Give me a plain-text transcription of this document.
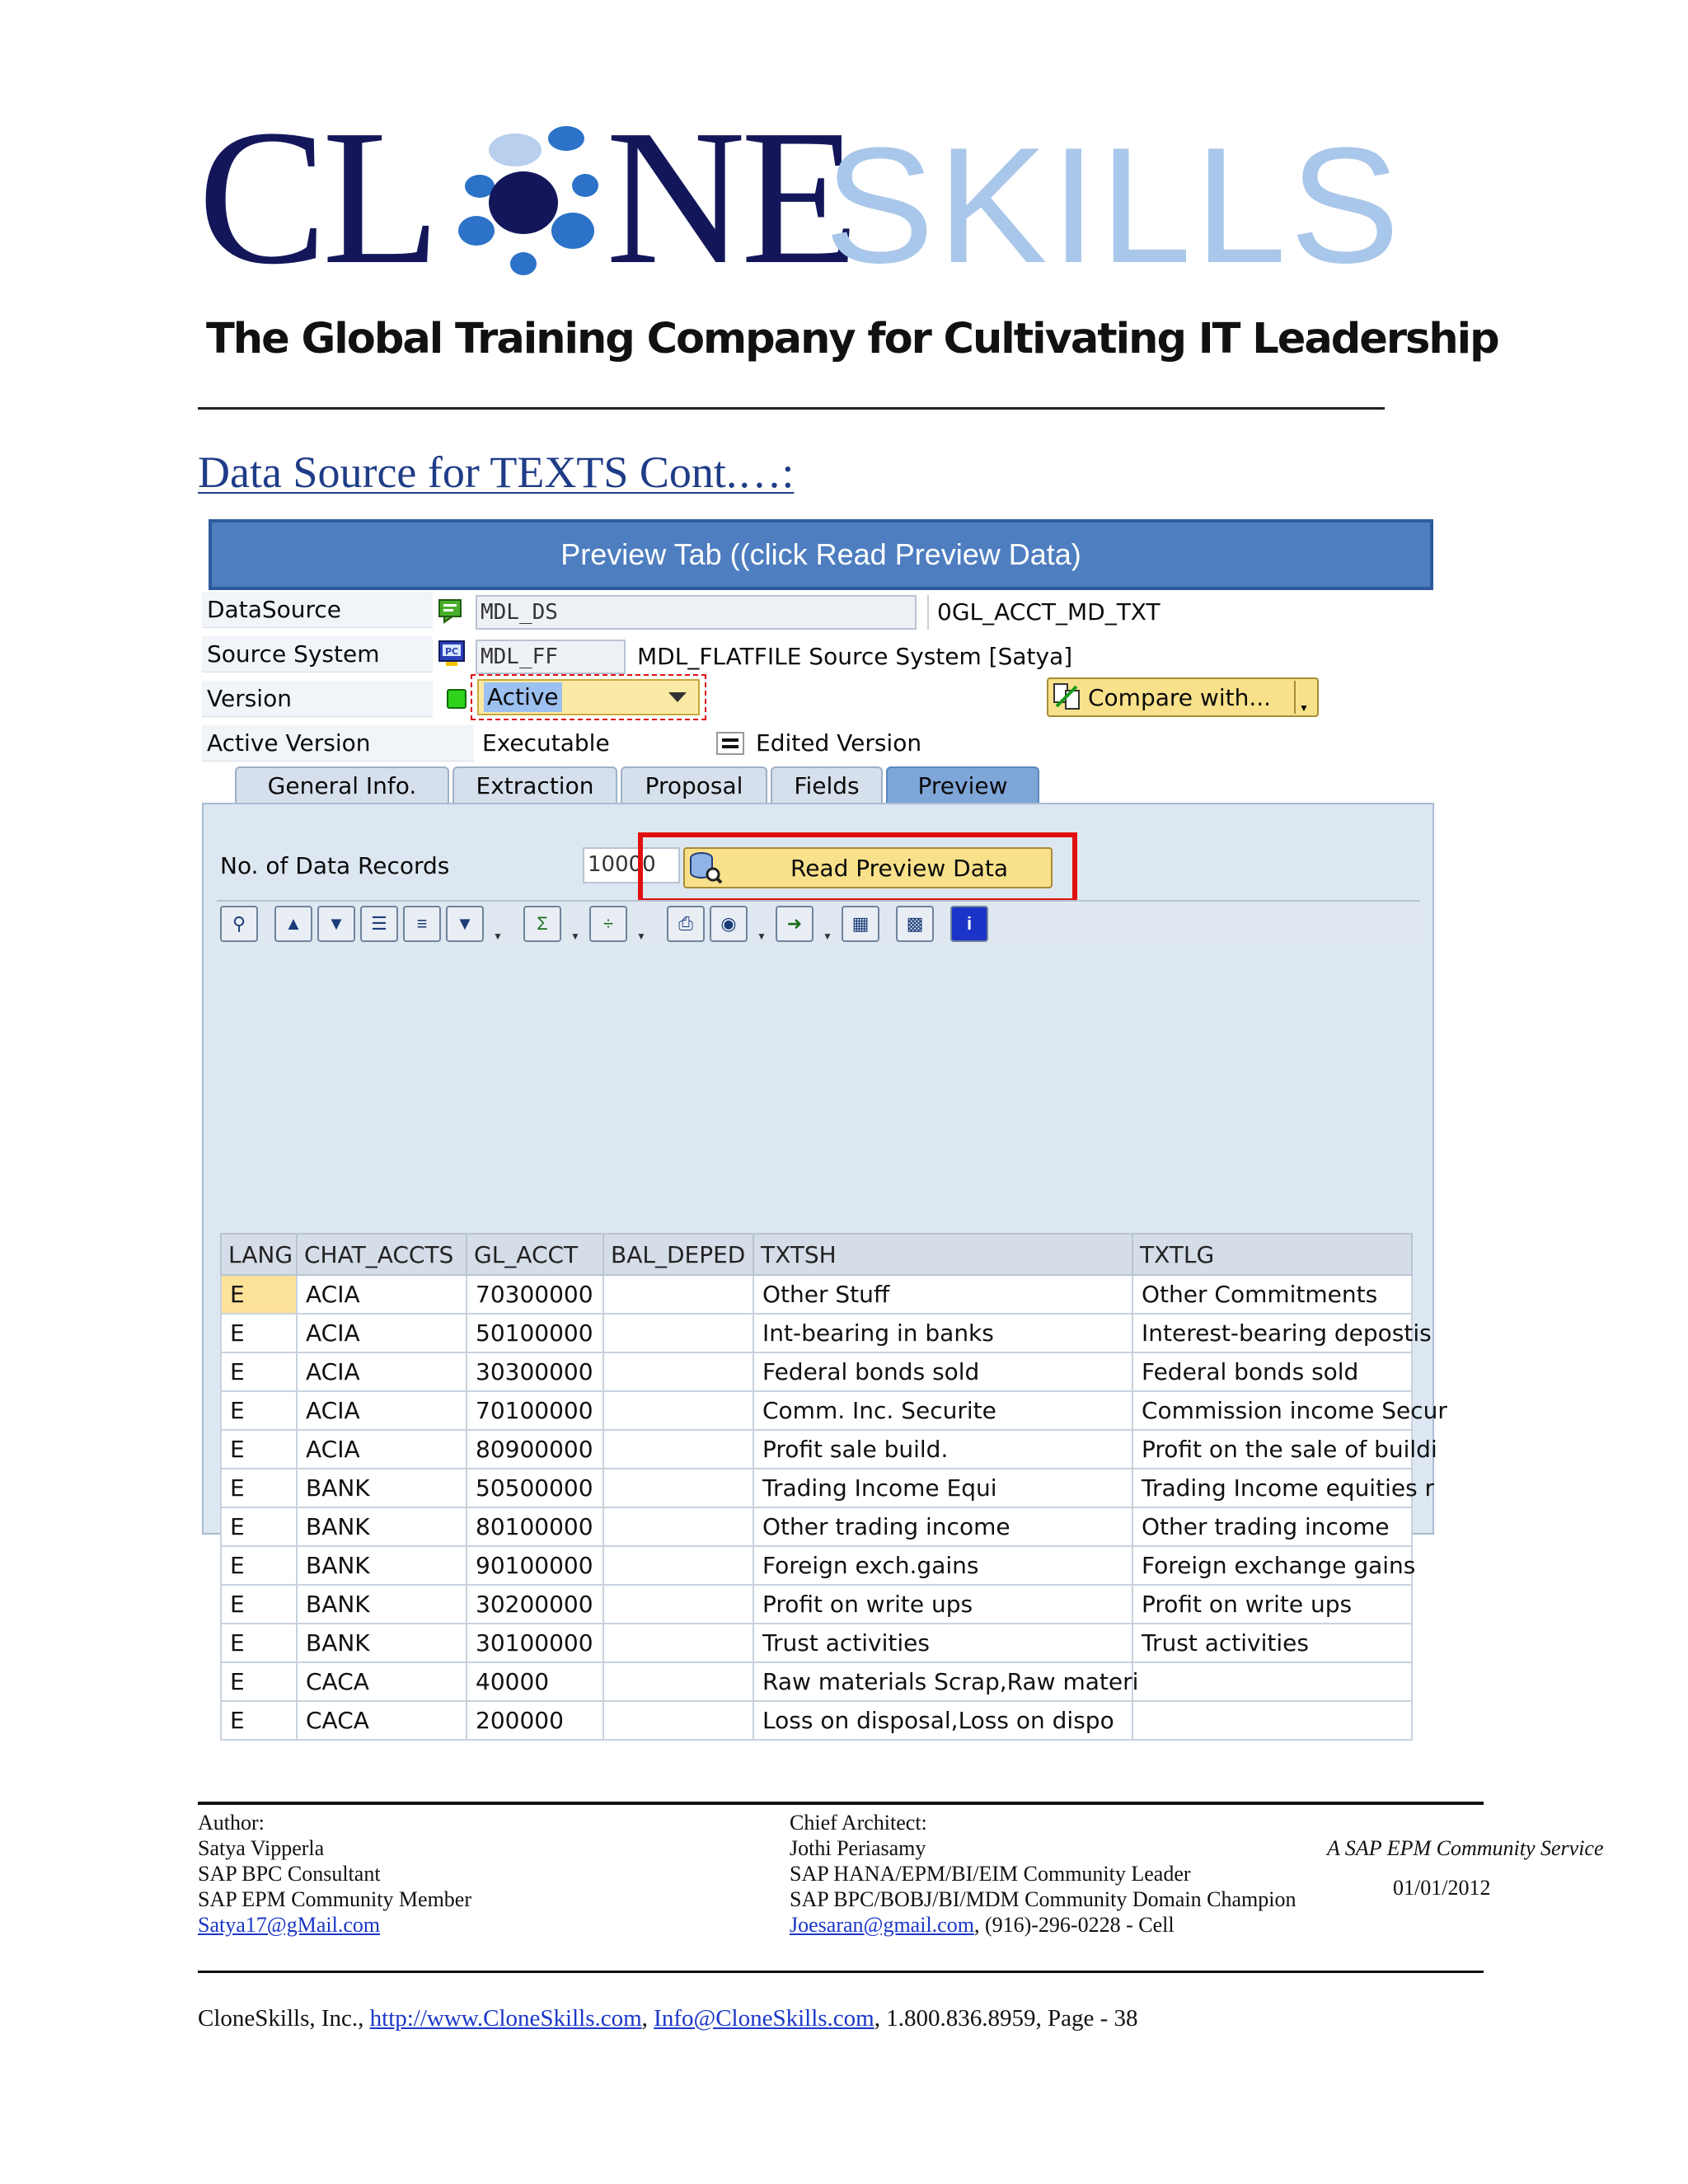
CL NE
SKILLS
The Global Training Company for Cultivating IT Leadership
Data Source for TEXTS Cont.…:
Preview Tab ((click Read Preview Data)
DataSource	MDL_DS	0GL_ACCT_MD_TXT
Source System	PC MDL_FF	MDL_FLATFILE Source System [Satya]
Version	Active	Compare with...	▼
Active Version	Executable	Edited Version
General Info.	Extraction Proposal Fields	Preview
No. of Data Records	10000	Read Preview Data
⚲	▲	▼	☰	≡	▼
▼
Σ
▼
÷
▼
⎙	◉
▼
➜
▼
▦	▩	i
LANG	CHAT_ACCTS	GL_ACCT	BAL_DEPED	TXTSH	TXTLG
E	ACIA	70300000		Other Stuff	Other Commitments
E	ACIA	50100000		Int-bearing in banks	Interest-bearing depostis
E	ACIA	30300000		Federal bonds sold	Federal bonds sold
E	ACIA	70100000		Comm. Inc. Securite	Commission income Secur
E	ACIA	80900000		Profit sale build.	Profit on the sale of buildi
E	BANK	50500000		Trading Income Equi	Trading Income equities r
E	BANK	80100000		Other trading income	Other trading income
E	BANK	90100000		Foreign exch.gains	Foreign exchange gains
E	BANK	30200000		Profit on write ups	Profit on write ups
E	BANK	30100000		Trust activities	Trust activities
E	CACA	40000		Raw materials Scrap,Raw materi	
E	CACA	200000		Loss on disposal,Loss on dispo	
Author:
Satya Vipperla
SAP BPC Consultant
SAP EPM Community Member
Satya17@gMail.com
Chief Architect:
Jothi Periasamy
SAP HANA/EPM/BI/EIM Community Leader
SAP BPC/BOBJ/BI/MDM Community Domain Champion
Joesaran@gmail.com, (916)-296-0228 - Cell
A SAP EPM Community Service
01/01/2012
CloneSkills, Inc., http://www.CloneSkills.com, Info@CloneSkills.com, 1.800.836.8959, Page - 38
